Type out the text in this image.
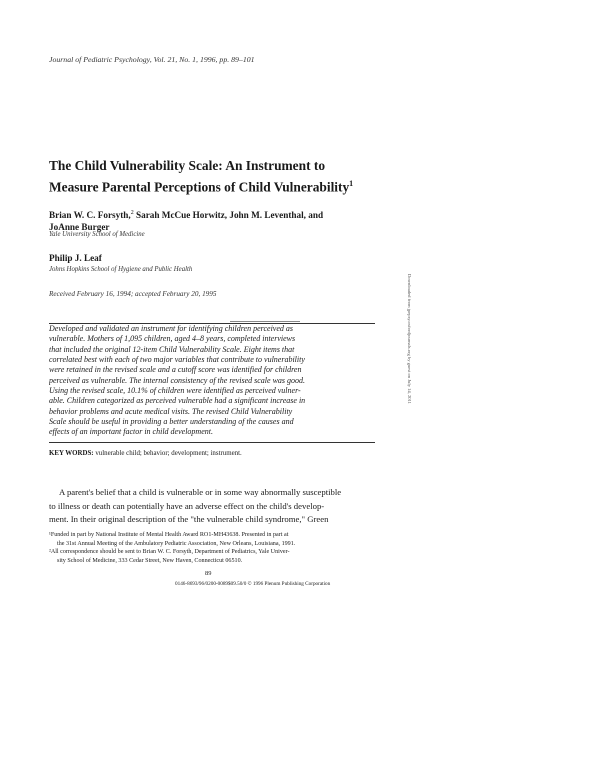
Journal of Pediatric Psychology, Vol. 21, No. 1, 1996, pp. 89–101
The Child Vulnerability Scale: An Instrument to
Measure Parental Perceptions of Child Vulnerability$^1$
Brian W. C. Forsyth,$^2$ Sarah McCue Horwitz, John M. Leventhal, and
JoAnne Burger
Yale University School of Medicine
Philip J. Leaf
Johns Hopkins School of Hygiene and Public Health
Received February 16, 1994; accepted February 20, 1995
Developed and validated an instrument for identifying children perceived as
vulnerable. Mothers of 1,095 children, aged 4–8 years, completed interviews
that included the original 12-item Child Vulnerability Scale. Eight items that
correlated best with each of two major variables that contribute to vulnerability
were retained in the revised scale and a cutoff score was identified for children
perceived as vulnerable. The internal consistency of the revised scale was good.
Using the revised scale, 10.1% of children were identified as perceived vulner-
able. Children categorized as perceived vulnerable had a significant increase in
behavior problems and acute medical visits. The revised Child Vulnerability
Scale should be useful in providing a better understanding of the causes and
effects of an important factor in child development.
KEY WORDS: vulnerable child; behavior; development; instrument.
A parent's belief that a child is vulnerable or in some way abnormally susceptible
to illness or death can potentially have an adverse effect on the child's develop-
ment. In their original description of the "the vulnerable child syndrome," Green
¹Funded in part by National Institute of Mental Health Award RO1-MH43638. Presented in part at
the 31st Annual Meeting of the Ambulatory Pediatric Association, New Orleans, Louisiana, 1991.
²All correspondence should be sent to Brian W. C. Forsyth, Department of Pediatrics, Yale Univer-
sity School of Medicine, 333 Cedar Street, New Haven, Connecticut 06510.
89
0146-8693/96/0200-0089$09.50/0 © 1996 Plenum Publishing Corporation
Downloaded from jpepsy.oxfordjournals.org by guest on July 14, 2011
